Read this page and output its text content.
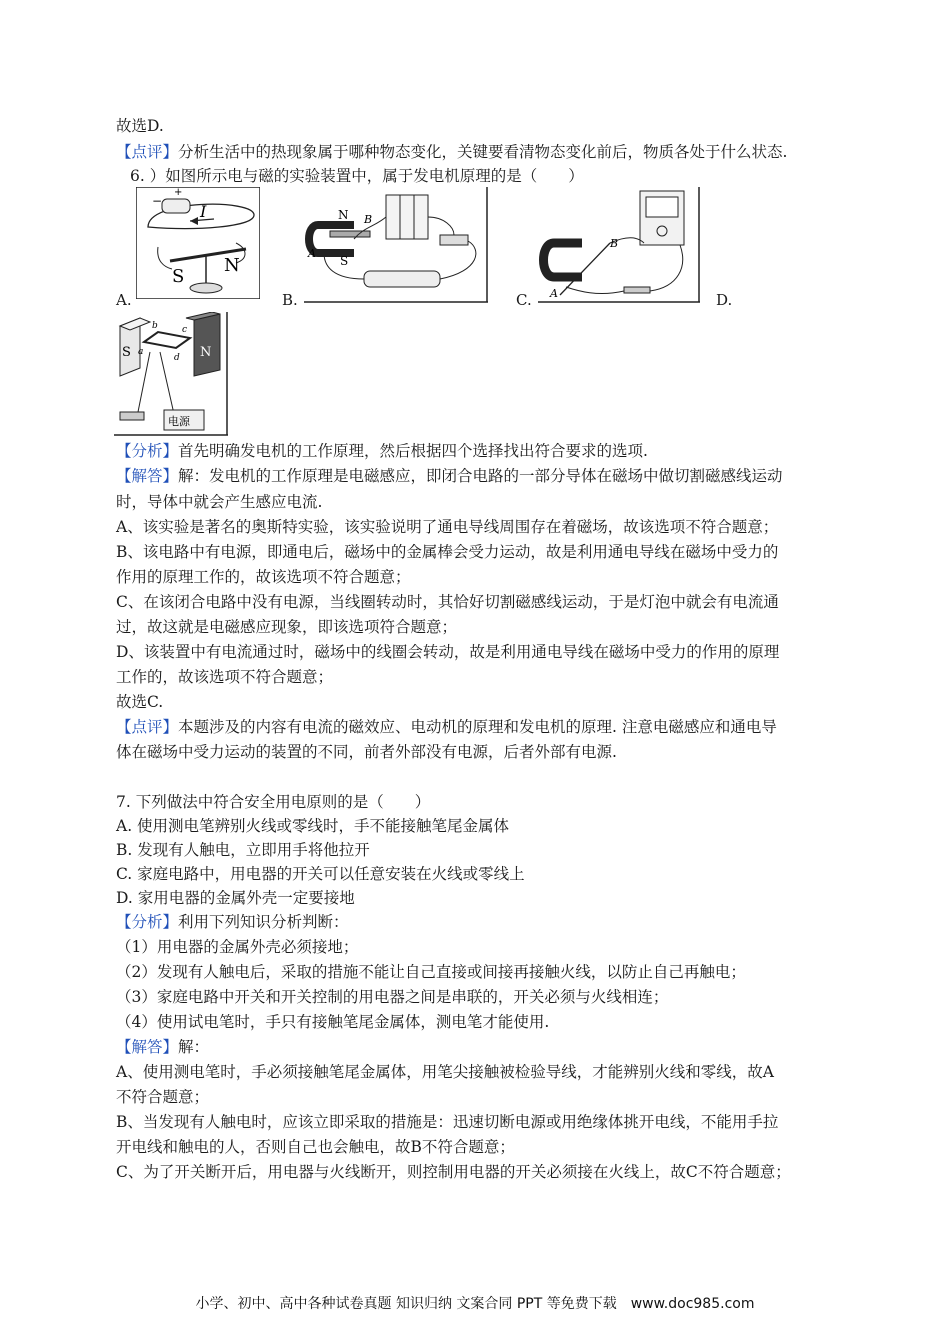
故选D.
【点评】分析生活中的热现象属于哪种物态变化，关键要看清物态变化前后，物质各处于什么状态.
6. ）如图所示电与磁的实验装置中，属于发电机原理的是（　　）
+
−
I
S
N
A.
N
S
A
B
B.	A
B
C.	D.
S	N
b	c
a
d
电源
【分析】首先明确发电机的工作原理，然后根据四个选择找出符合要求的选项.
【解答】解：发电机的工作原理是电磁感应，即闭合电路的一部分导体在磁场中做切割磁感线运动
时，导体中就会产生感应电流.
A、该实验是著名的奥斯特实验，该实验说明了通电导线周围存在着磁场，故该选项不符合题意；
B、该电路中有电源，即通电后，磁场中的金属棒会受力运动，故是利用通电导线在磁场中受力的
作用的原理工作的，故该选项不符合题意；
C、在该闭合电路中没有电源，当线圈转动时，其恰好切割磁感线运动，于是灯泡中就会有电流通
过，故这就是电磁感应现象，即该选项符合题意；
D、该装置中有电流通过时，磁场中的线圈会转动，故是利用通电导线在磁场中受力的作用的原理
工作的，故该选项不符合题意；
故选C.
【点评】本题涉及的内容有电流的磁效应、电动机的原理和发电机的原理. 注意电磁感应和通电导
体在磁场中受力运动的装置的不同，前者外部没有电源，后者外部有电源.
7. 下列做法中符合安全用电原则的是（　　）
A. 使用测电笔辨别火线或零线时，手不能接触笔尾金属体
B. 发现有人触电，立即用手将他拉开
C. 家庭电路中，用电器的开关可以任意安装在火线或零线上
D. 家用电器的金属外壳一定要接地
【分析】利用下列知识分析判断：
（1）用电器的金属外壳必须接地；
（2）发现有人触电后，采取的措施不能让自己直接或间接再接触火线，以防止自己再触电；
（3）家庭电路中开关和开关控制的用电器之间是串联的，开关必须与火线相连；
（4）使用试电笔时，手只有接触笔尾金属体，测电笔才能使用.
【解答】解：
A、使用测电笔时，手必须接触笔尾金属体，用笔尖接触被检验导线，才能辨别火线和零线，故A
不符合题意；
B、当发现有人触电时，应该立即采取的措施是：迅速切断电源或用绝缘体挑开电线，不能用手拉
开电线和触电的人，否则自己也会触电，故B不符合题意；
C、为了开关断开后，用电器与火线断开，则控制用电器的开关必须接在火线上，故C不符合题意；
小学、初中、高中各种试卷真题 知识归纳 文案合同 PPT 等免费下载　www.doc985.com
